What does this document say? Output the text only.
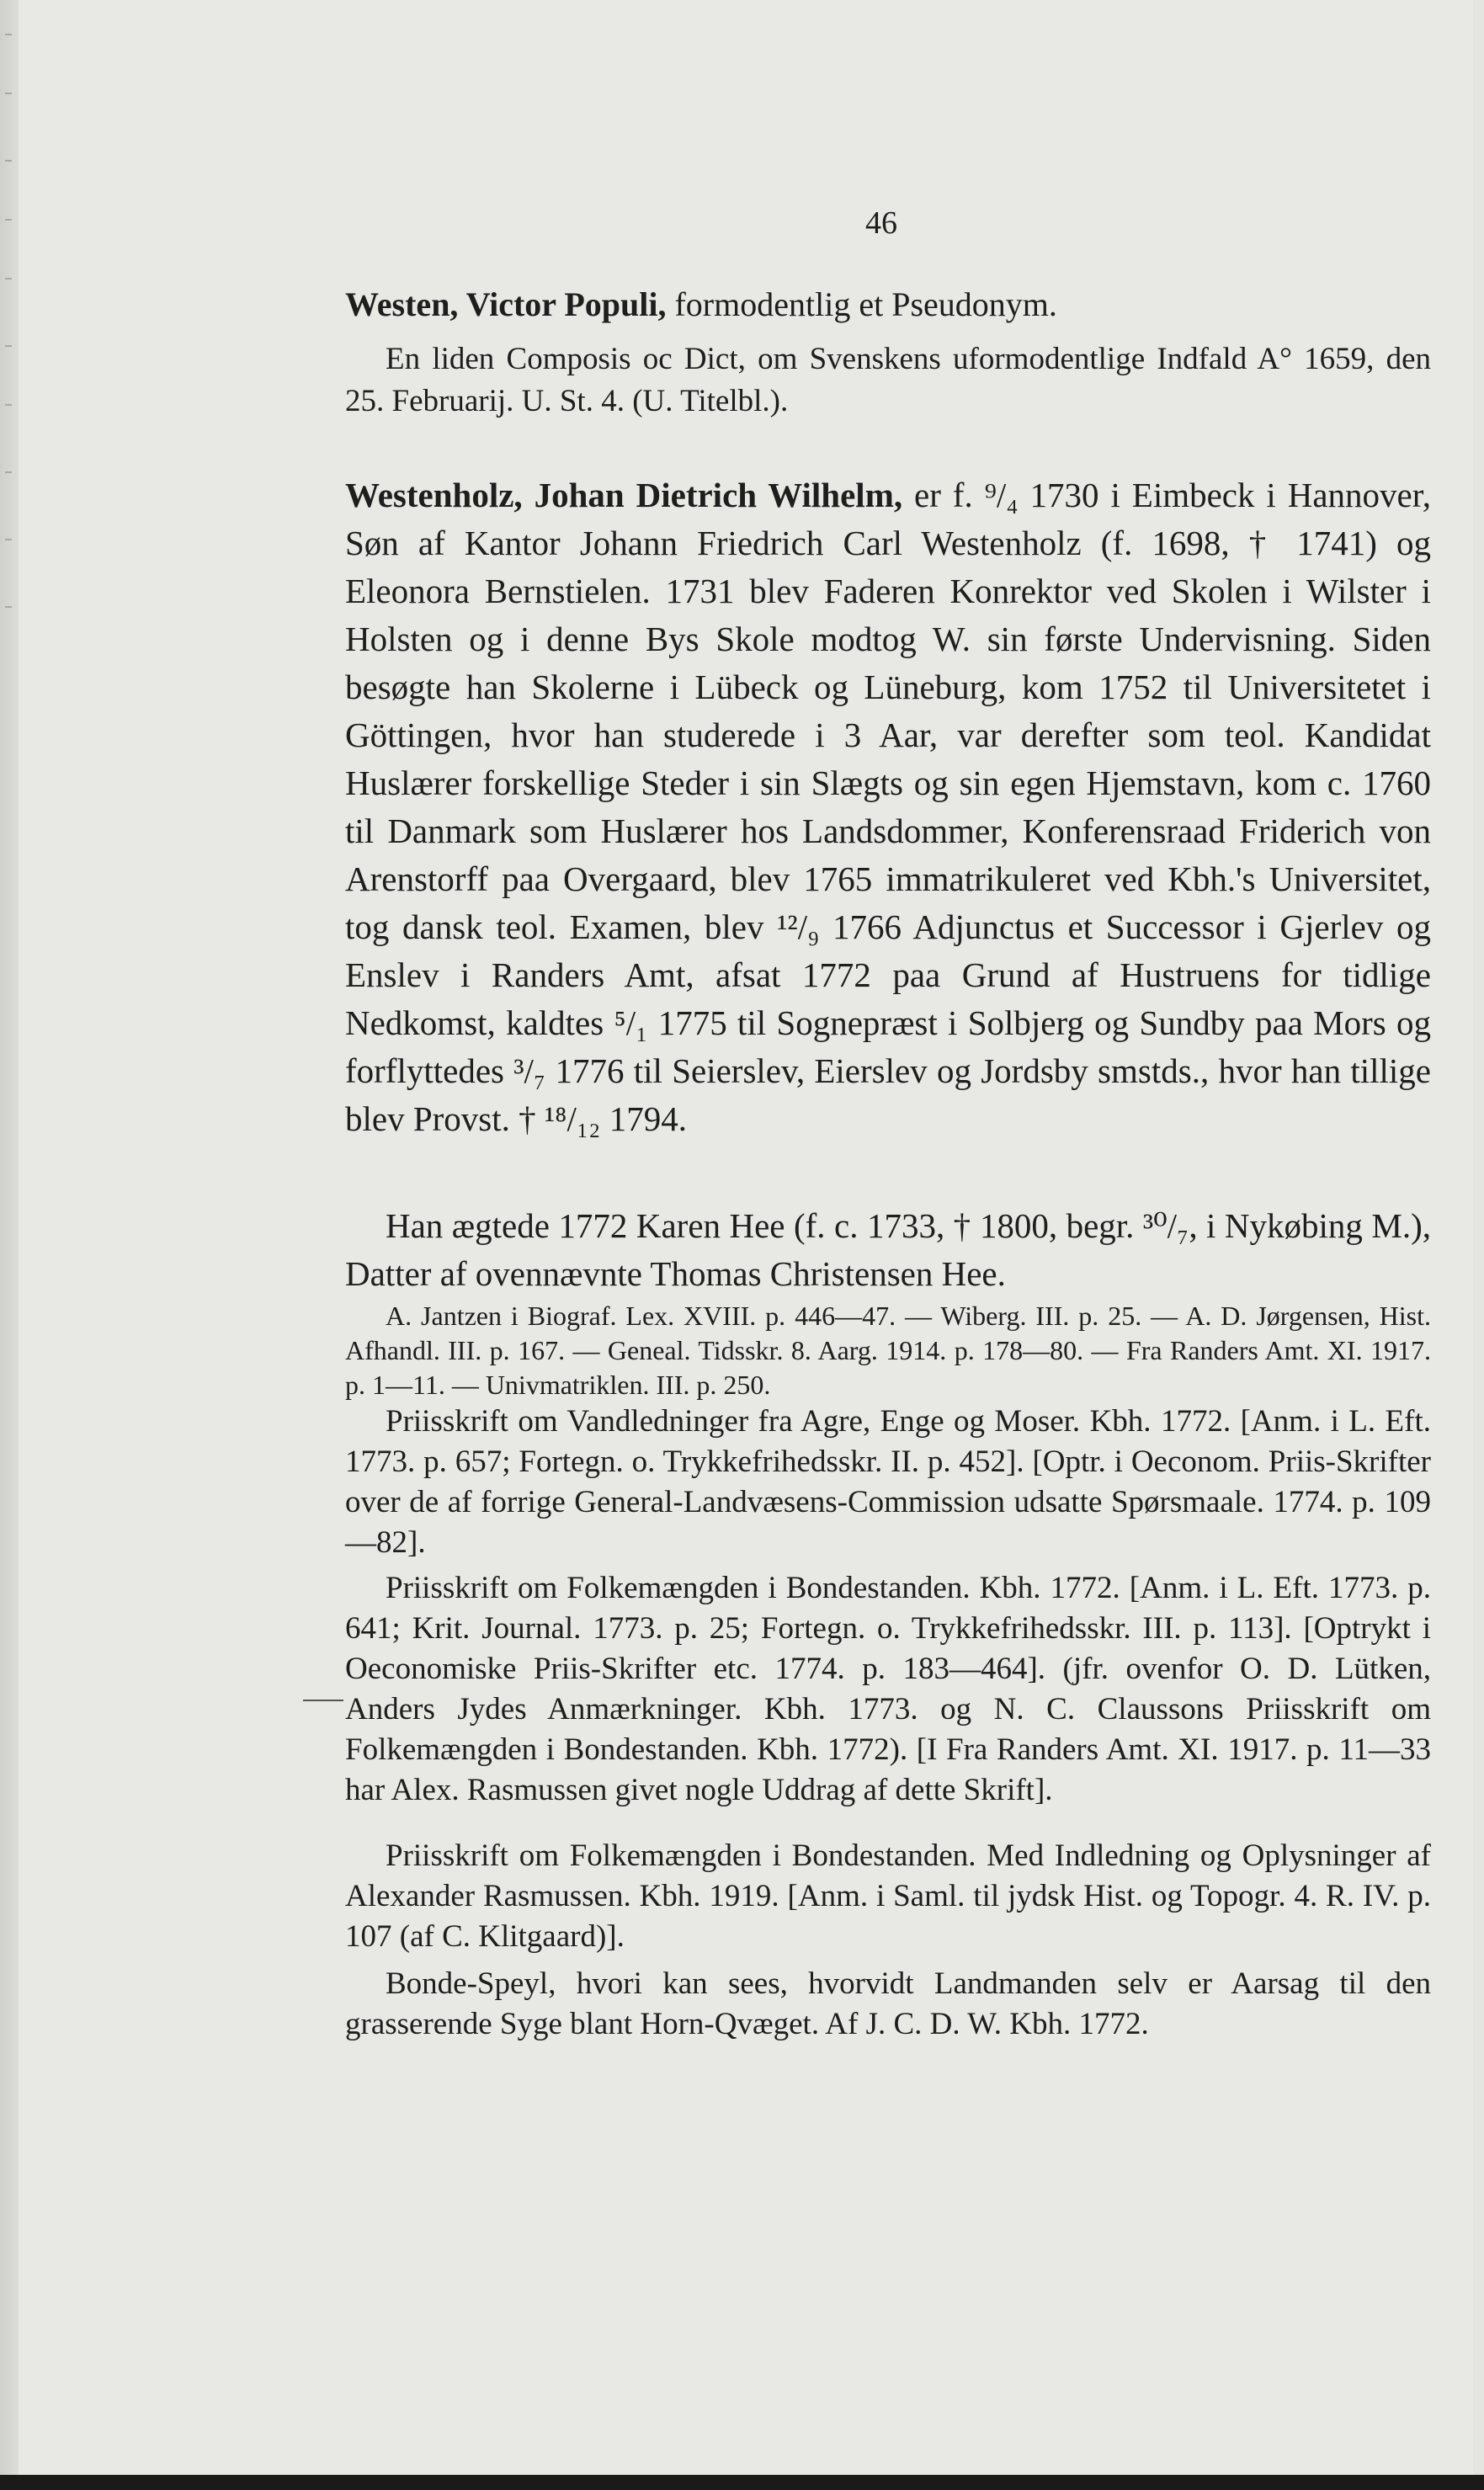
46
Westen, Victor Populi, formodentlig et Pseudonym.
En liden Composis oc Dict, om Svenskens uformodentlige Indfald A° 1659, den 25. Februarij. U. St. 4. (U. Titelbl.).
Westenholz, Johan Dietrich Wilhelm, er f. ⁹/₄ 1730 i Eimbeck i Hannover, Søn af Kantor Johann Friedrich Carl Westenholz (f. 1698, † 1741) og Eleonora Bernstielen. 1731 blev Faderen Konrektor ved Skolen i Wilster i Holsten og i denne Bys Skole modtog W. sin første Undervisning. Siden besøgte han Skolerne i Lübeck og Lüneburg, kom 1752 til Universitetet i Göttingen, hvor han studerede i 3 Aar, var derefter som teol. Kandidat Huslærer forskellige Steder i sin Slægts og sin egen Hjemstavn, kom c. 1760 til Danmark som Huslærer hos Landsdommer, Konferensraad Friderich von Arenstorff paa Overgaard, blev 1765 immatrikuleret ved Kbh.'s Universitet, tog dansk teol. Examen, blev ¹²/₉ 1766 Adjunctus et Successor i Gjerlev og Enslev i Randers Amt, afsat 1772 paa Grund af Hustruens for tidlige Nedkomst, kaldtes ⁵/₁ 1775 til Sognepræst i Solbjerg og Sundby paa Mors og forflyttedes ³/₇ 1776 til Seierslev, Eierslev og Jordsby smstds., hvor han tillige blev Provst. † ¹⁸/₁₂ 1794.
Han ægtede 1772 Karen Hee (f. c. 1733, † 1800, begr. ³⁰/₇, i Nykøbing M.), Datter af ovennævnte Thomas Christensen Hee.
A. Jantzen i Biograf. Lex. XVIII. p. 446—47. — Wiberg. III. p. 25. — A. D. Jørgensen, Hist. Afhandl. III. p. 167. — Geneal. Tidsskr. 8. Aarg. 1914. p. 178—80. — Fra Randers Amt. XI. 1917. p. 1—11. — Univmatriklen. III. p. 250.
Priisskrift om Vandledninger fra Agre, Enge og Moser. Kbh. 1772. [Anm. i L. Eft. 1773. p. 657; Fortegn. o. Trykkefrihedsskr. II. p. 452]. [Optr. i Oeconom. Priis-Skrifter over de af forrige General-Landvæsens-Commission udsatte Spørsmaale. 1774. p. 109—82].
Priisskrift om Folkemængden i Bondestanden. Kbh. 1772. [Anm. i L. Eft. 1773. p. 641; Krit. Journal. 1773. p. 25; Fortegn. o. Trykkefrihedsskr. III. p. 113]. [Optrykt i Oeconomiske Priis-Skrifter etc. 1774. p. 183—464]. (jfr. ovenfor O. D. Lütken, Anders Jydes Anmærkninger. Kbh. 1773. og N. C. Claussons Priisskrift om Folkemængden i Bondestanden. Kbh. 1772). [I Fra Randers Amt. XI. 1917. p. 11—33 har Alex. Rasmussen givet nogle Uddrag af dette Skrift].
Priisskrift om Folkemængden i Bondestanden. Med Indledning og Oplysninger af Alexander Rasmussen. Kbh. 1919. [Anm. i Saml. til jydsk Hist. og Topogr. 4. R. IV. p. 107 (af C. Klitgaard)].
Bonde-Speyl, hvori kan sees, hvorvidt Landmanden selv er Aarsag til den grasserende Syge blant Horn-Qvæget. Af J. C. D. W. Kbh. 1772.
